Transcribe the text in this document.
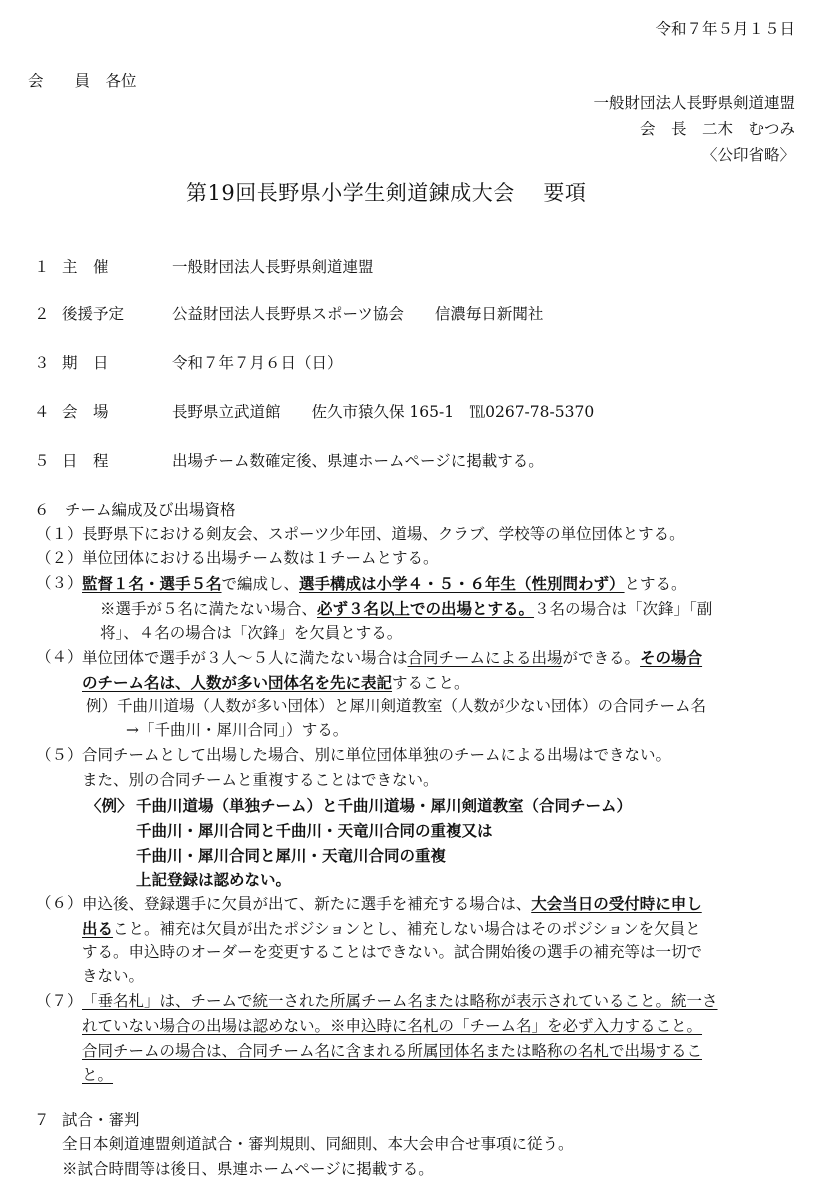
令和７年５月１５日
会　　員　各位
一般財団法人長野県剣道連盟
会　長　二木　むつみ
〈公印省略〉
第19回長野県小学生剣道錬成大会　 要項
１ 主　催	一般財団法人長野県剣道連盟
２ 後援予定	公益財団法人長野県スポーツ協会　　信濃毎日新聞社
３ 期　日	令和７年７月６日（日）
４ 会　場	長野県立武道館　　佐久市猿久保 165-1　℡0267-78-5370
５ 日　程	出場チーム数確定後、県連ホームページに掲載する。
６　チーム編成及び出場資格
（１） 長野県下における剣友会、スポーツ少年団、道場、クラブ、学校等の単位団体とする。
（２） 単位団体における出場チーム数は１チームとする。
（３） 監督１名・選手５名で編成し、選手構成は小学４・５・６年生（性別問わず）とする。
※選手が５名に満たない場合、必ず３名以上での出場とする。３名の場合は「次鋒」「副
将」、４名の場合は「次鋒」を欠員とする。
（４） 単位団体で選手が３人～５人に満たない場合は合同チームによる出場ができる。その場合
のチーム名は、人数が多い団体名を先に表記すること。
例）千曲川道場（人数が多い団体）と犀川剣道教室（人数が少ない団体）の合同チーム名
→「千曲川・犀川合同」）する。
（５） 合同チームとして出場した場合、別に単位団体単独のチームによる出場はできない。
また、別の合同チームと重複することはできない。
〈例〉 千曲川道場（単独チーム）と千曲川道場・犀川剣道教室（合同チーム）
千曲川・犀川合同と千曲川・天竜川合同の重複又は
千曲川・犀川合同と犀川・天竜川合同の重複
上記登録は認めない。
（６） 申込後、登録選手に欠員が出て、新たに選手を補充する場合は、大会当日の受付時に申し
出ること。補充は欠員が出たポジションとし、補充しない場合はそのポジションを欠員と
する。申込時のオーダーを変更することはできない。試合開始後の選手の補充等は一切で
きない。
（７） 「垂名札」は、チームで統一された所属チーム名または略称が表示されていること。統一さ
れていない場合の出場は認めない。※申込時に名札の「チーム名」を必ず入力すること。
合同チームの場合は、合同チーム名に含まれる所属団体名または略称の名札で出場するこ
と。
７ 試合・審判
全日本剣道連盟剣道試合・審判規則、同細則、本大会申合せ事項に従う。
※試合時間等は後日、県連ホームページに掲載する。
